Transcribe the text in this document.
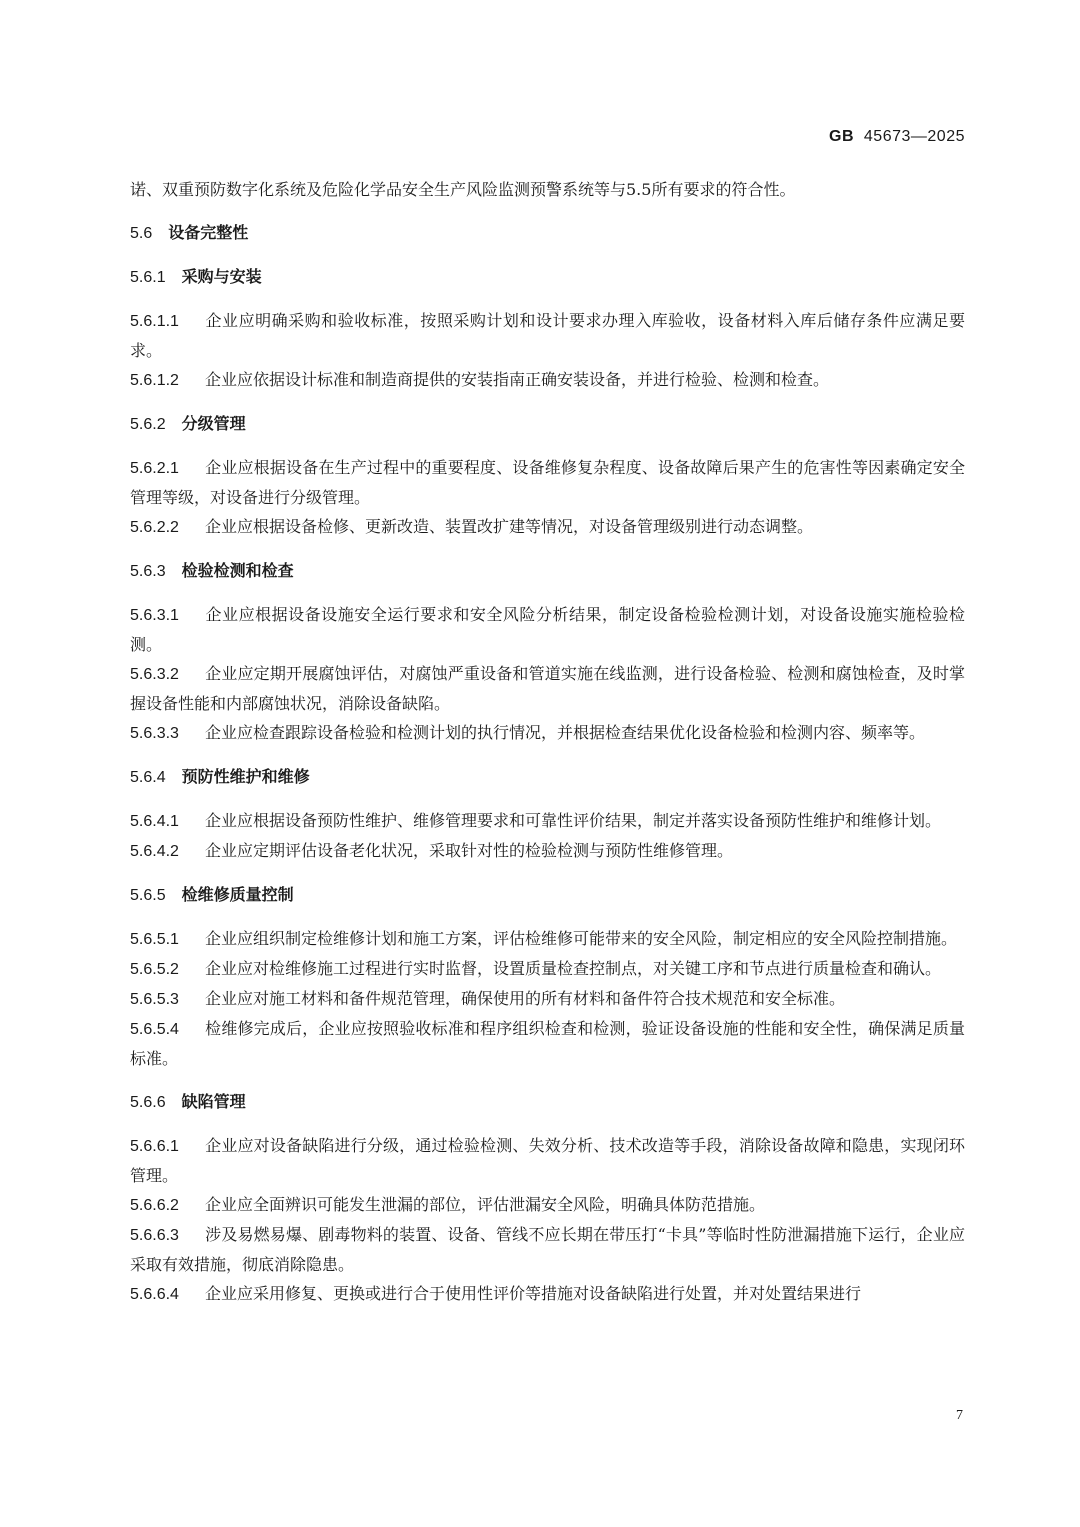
GB 45673—2025

诺、双重预防数字化系统及危险化学品安全生产风险监测预警系统等与5.5所有要求的符合性。

5.6 设备完整性
5.6.1 采购与安装

5.6.1.1 企业应明确采购和验收标准，按照采购计划和设计要求办理入库验收，设备材料入库后储存条件应满足要求。

5.6.1.2 企业应依据设计标准和制造商提供的安装指南正确安装设备，并进行检验、检测和检查。

5.6.2 分级管理

5.6.2.1 企业应根据设备在生产过程中的重要程度、设备维修复杂程度、设备故障后果产生的危害性等因素确定安全管理等级，对设备进行分级管理。

5.6.2.2 企业应根据设备检修、更新改造、装置改扩建等情况，对设备管理级别进行动态调整。

5.6.3 检验检测和检查

5.6.3.1 企业应根据设备设施安全运行要求和安全风险分析结果，制定设备检验检测计划，对设备设施实施检验检测。

5.6.3.2 企业应定期开展腐蚀评估，对腐蚀严重设备和管道实施在线监测，进行设备检验、检测和腐蚀检查，及时掌握设备性能和内部腐蚀状况，消除设备缺陷。

5.6.3.3 企业应检查跟踪设备检验和检测计划的执行情况，并根据检查结果优化设备检验和检测内容、频率等。

5.6.4 预防性维护和维修

5.6.4.1 企业应根据设备预防性维护、维修管理要求和可靠性评价结果，制定并落实设备预防性维护和维修计划。

5.6.4.2 企业应定期评估设备老化状况，采取针对性的检验检测与预防性维修管理。

5.6.5 检维修质量控制

5.6.5.1 企业应组织制定检维修计划和施工方案，评估检维修可能带来的安全风险，制定相应的安全风险控制措施。

5.6.5.2 企业应对检维修施工过程进行实时监督，设置质量检查控制点，对关键工序和节点进行质量检查和确认。

5.6.5.3 企业应对施工材料和备件规范管理，确保使用的所有材料和备件符合技术规范和安全标准。

5.6.5.4 检维修完成后，企业应按照验收标准和程序组织检查和检测，验证设备设施的性能和安全性，确保满足质量标准。

5.6.6 缺陷管理

5.6.6.1 企业应对设备缺陷进行分级，通过检验检测、失效分析、技术改造等手段，消除设备故障和隐患，实现闭环管理。

5.6.6.2 企业应全面辨识可能发生泄漏的部位，评估泄漏安全风险，明确具体防范措施。

5.6.6.3 涉及易燃易爆、剧毒物料的装置、设备、管线不应长期在带压打“卡具”等临时性防泄漏措施下运行，企业应采取有效措施，彻底消除隐患。

5.6.6.4 企业应采用修复、更换或进行合于使用性评价等措施对设备缺陷进行处置，并对处置结果进行

7
